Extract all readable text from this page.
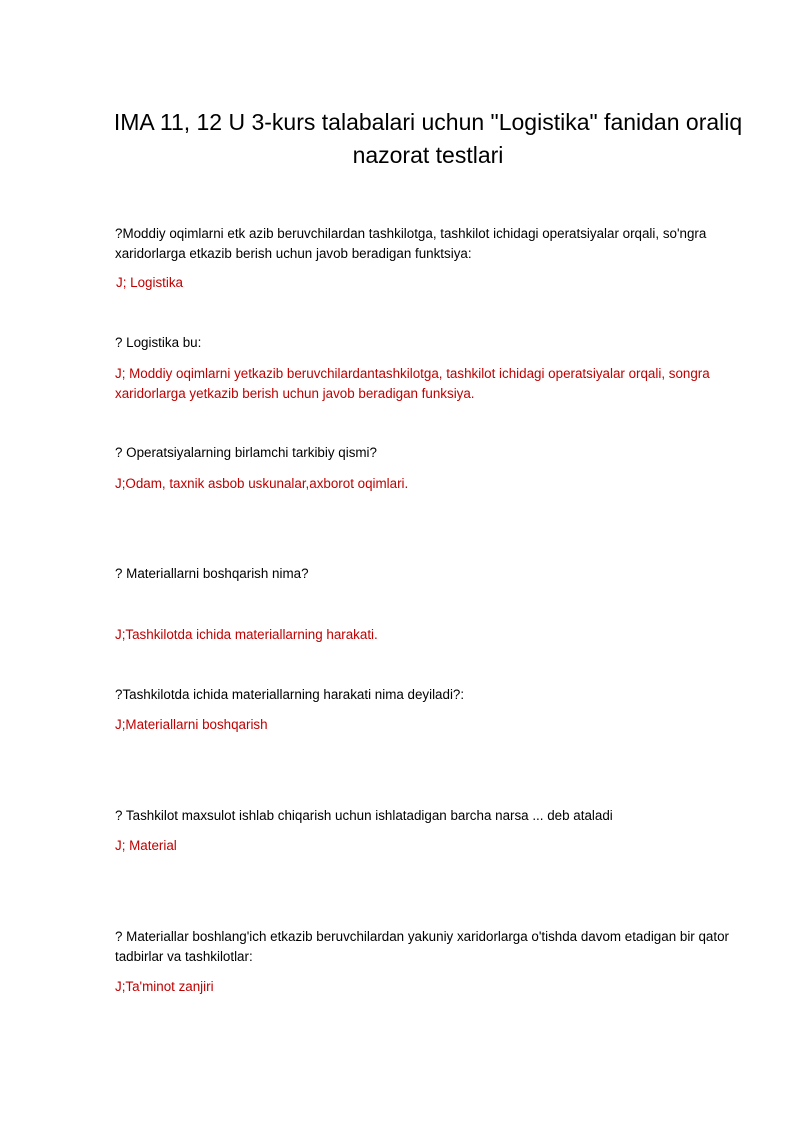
IMA 11, 12 U 3-kurs talabalari uchun "Logistika" fanidan oraliq nazorat testlari

?Moddiy oqimlarni etk azib beruvchilardan tashkilotga, tashkilot ichidagi operatsiyalar orqali, so'ngra xaridorlarga etkazib berish uchun javob beradigan funktsiya:

J; Logistika

? Logistika bu:

J; Moddiy oqimlarni yetkazib beruvchilardantashkilotga, tashkilot ichidagi operatsiyalar orqali, songra xaridorlarga yetkazib berish uchun javob beradigan funksiya.

? Operatsiyalarning birlamchi tarkibiy qismi?

J;Odam, taxnik asbob uskunalar,axborot oqimlari.

? Materiallarni boshqarish nima?

J;Tashkilotda ichida materiallarning harakati.

?Tashkilotda ichida materiallarning harakati nima deyiladi?:

J;Materiallarni boshqarish

? Tashkilot maxsulot ishlab chiqarish uchun ishlatadigan barcha narsa ... deb ataladi

J; Material

? Materiallar boshlang'ich etkazib beruvchilardan yakuniy xaridorlarga o'tishda davom etadigan bir qator tadbirlar va tashkilotlar:

J;Ta'minot zanjiri
